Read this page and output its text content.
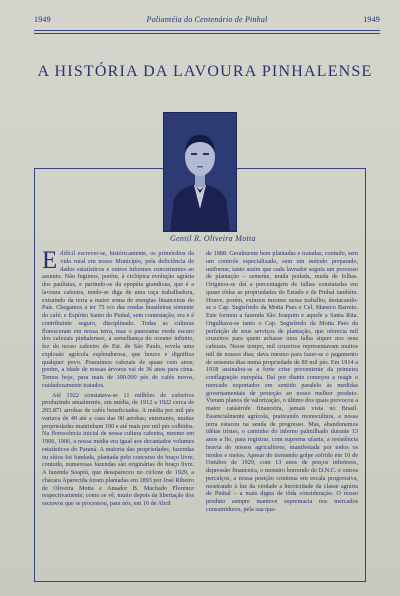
1949	Poliantéia do Centenário de Pinhal	1949
A HISTÓRIA DA LAVOURA PINHALENSE
Gentil R. Oliveira Motta

Edifícil escrever-se, históricamente, os primórdios da vida rural em nosso Município, pela deficiência de dados estatísticos e outros informes concernentes ao assunto. Não fugimos, porém, à ciclópica evolução agrária dos paulistas, e partindo-se da epopéia grandiosa, que é a lavoura cafeeira, tendo-se diga de uma raça trabalhadora, extraindo da terra a maior soma de energias financeiras do País. Chegamos a ter 75 o/o das rendas brasileiras sòmente do café; e Espírito Santo do Pinhal, sem contestação, era e é contribuinte seguro, disciplinado. Todas as culturas floresceram em nossa terra, mas o panorama verde escuro dos cafezais pinhalenses, à semelhança do oceano infinito, fez do nosso cafeeiro do Est. de São Paulo, revela uma explosão agrícola esplendorosa, que houve e dignifica qualquer povo. Possuímos cafezais de quase cem anos; porém, a idade de nossas árvores vai de 36 anos para cima. Temos hoje, para mais de 300.000 pés de cafés novos, cuidadosamente tratados.

Até 1922 constatava-se 11 milhões de cafeeiros produzindo anualmente, em média, de 1912 a 1922 cerca de 205.871 arrobas de cafés beneficiados. A média por mil pés variava de 49 até a casa das 90 arrobas; entretanto, muitas propriedades mantinham 100 e até mais por mil pés colhidos. Na florescência inicial de nossa cultura cafeeira, mesmo em 1906, 1906, a nossa média era igual aos decantados volumes estatísticos do Paraná. A maioria das propriedades, fazendas ou sítios foi fundada, plantada pelo concurso do braço livre; contudo, numerosas fazendas são originárias do braço livre. A fazenda Soapiú, que desapareceu no ciclone de 1929, a chácara Aparecida foram plantadas em 1893 por José Ribeiro de Oliveira Motta e Amador B. Machado Florence respectivamente; como se vê, muito depois da libertação dos escravos que se processou, para nós, em 16 de Abril

de 1888. Geralmente bem plantadas e tratadas; contudo, sem um controle especializado, sem um método preparado, uniforme; tanto assim que cada lavrador seguia um processo de plantação – semente, muda podada, muda de folhas. Originou-se daí a porcentagem de falhas constatadas em quase tôdas as propriedades do Estado e de Pinhal também. Houve, porém, exímios mestres nesse trabalho, destacando-se o Cap. Segisfredo da Motta Paes e Cel. Maneco Barreto. Este formou a fazenda São Joaquim e aquele a Santa Rita. Orgulhava-se tanto o Cap. Segisfredo da Motta Paes da perfeição de seus serviços de plantação, que oferecia mil cruzeiros para quem achasse uma falha siquer nos seus cafezais. Nesse tempo, mil cruzeiros representavam muitos mil de nossos dias; dava mesmo para fazer-se o pagamento de sessenta dias numa propriedade de 80 mil pés. Em 1914 a 1918 assinalou-se a forte crise proveniente da primeira conflagração européia. Daí por diante começou a reagir o mercado exportador em sentido paralelo às medidas governamentais de proteção ao nosso melhor produto. Vieram planos de valorização, o último dos quais provocou a maior catástrofe financeira, jamais vista no Brasil. Essencialmente agrícola, praticando monocultura, a nossa terra estacou na senda de progresso. Mas, abandonemos idéias tristes, o caminho do inferno palmilhado durante 13 anos a fio, para registrar, com suprema ufania, a resistência bravia do nossos agricultores, manifestada por todos os modos e meios. Apesar do tremendo golpe sofrido em 10 de Outubro de 1929, com 13 anos de preços inferiores, depressão financeira, o monstro horrendo do D.N.C. e outros percalços, a nossa posição continua em escala progressiva, mostrando à luz da verdade a heroicidade da classe agrária de Pinhal – a mais digna de tôda consideração. O nosso produto sempre manteve supremacia nos mercados consumidores, pela sua qua-
